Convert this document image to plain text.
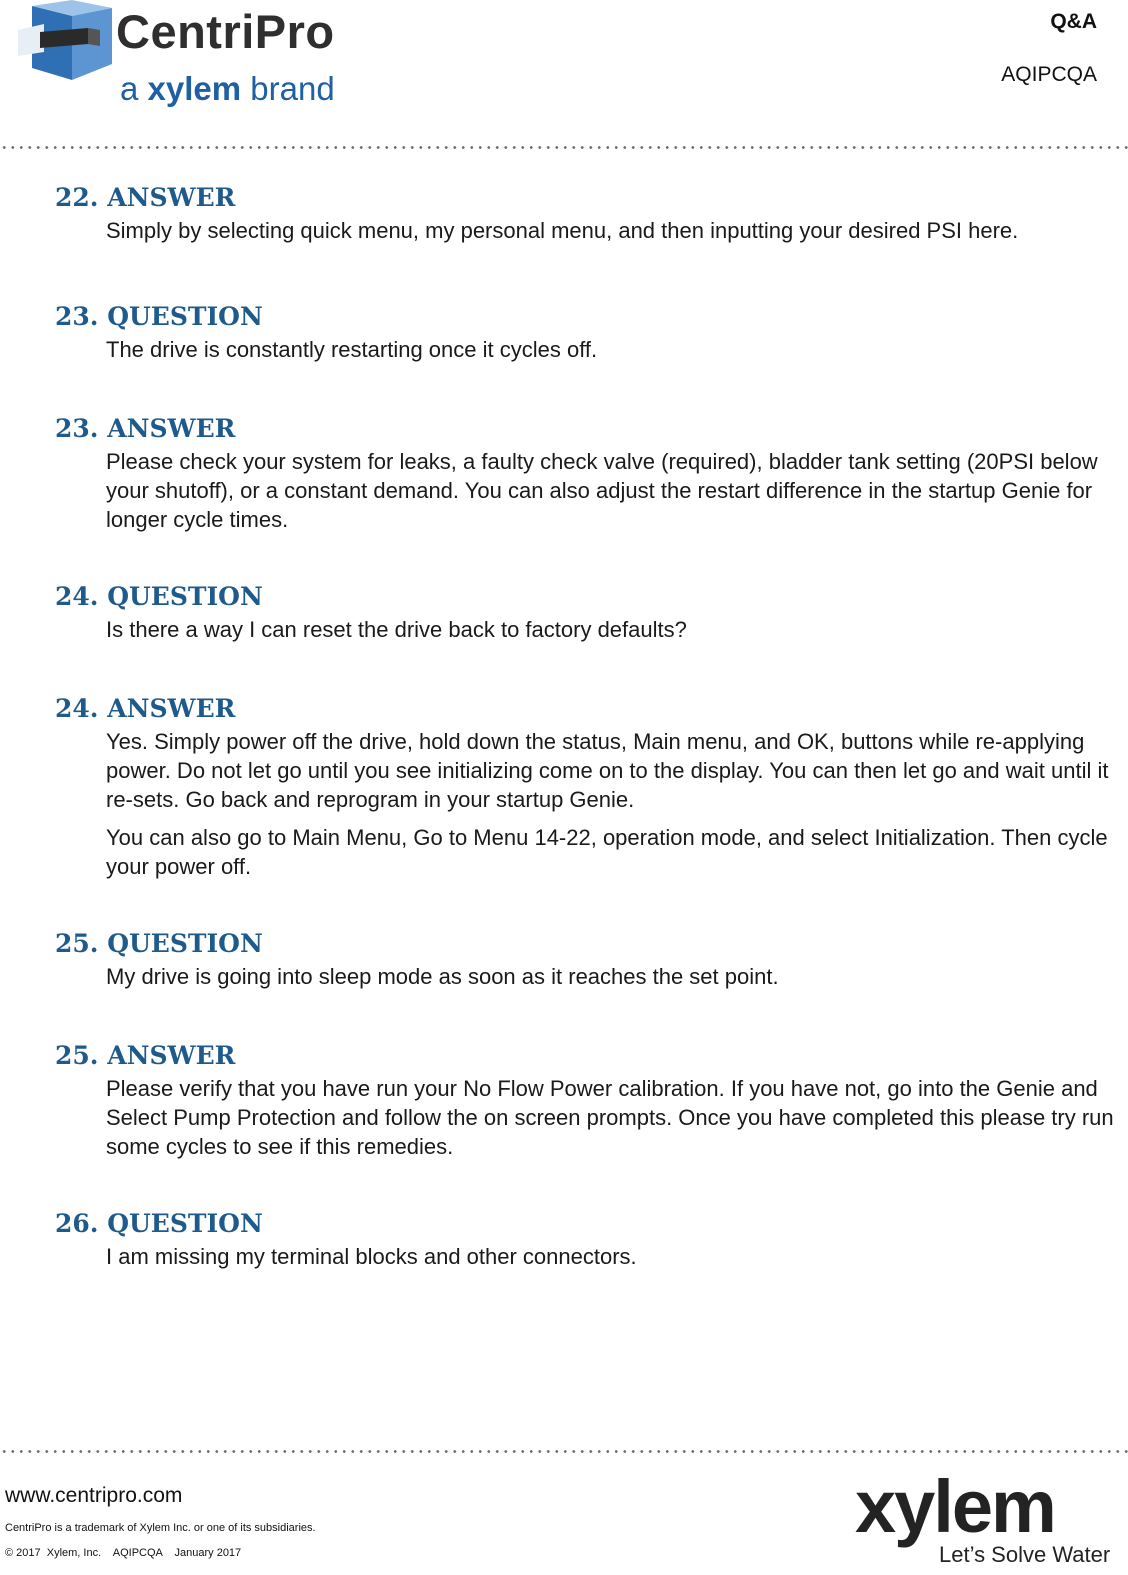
CentriPro
a xylem brand
Q&A
AQIPCQA
22. ANSWER

Simply by selecting quick menu, my personal menu, and then inputting your desired PSI here.

23. QUESTION

The drive is constantly restarting once it cycles off.

23. ANSWER

Please check your system for leaks, a faulty check valve (required), bladder tank setting (20PSI below your shutoff), or a constant demand. You can also adjust the restart difference in the startup Genie for longer cycle times.

24. QUESTION

Is there a way I can reset the drive back to factory defaults?

24. ANSWER

Yes. Simply power off the drive, hold down the status, Main menu, and OK, buttons while re-applying power. Do not let go until you see initializing come on to the display. You can then let go and wait until it re-sets. Go back and reprogram in your startup Genie.

You can also go to Main Menu, Go to Menu 14-22, operation mode, and select Initialization. Then cycle your power off.

25. QUESTION

My drive is going into sleep mode as soon as it reaches the set point.

25. ANSWER

Please verify that you have run your No Flow Power calibration. If you have not, go into the Genie and Select Pump Protection and follow the on screen prompts. Once you have completed this please try run some cycles to see if this remedies.

26. QUESTION

I am missing my terminal blocks and other connectors.

www.centripro.com
CentriPro is a trademark of Xylem Inc. or one of its subsidiaries.
© 2017  Xylem, Inc.    AQIPCQA    January 2017
xylem
Let’s Solve Water
